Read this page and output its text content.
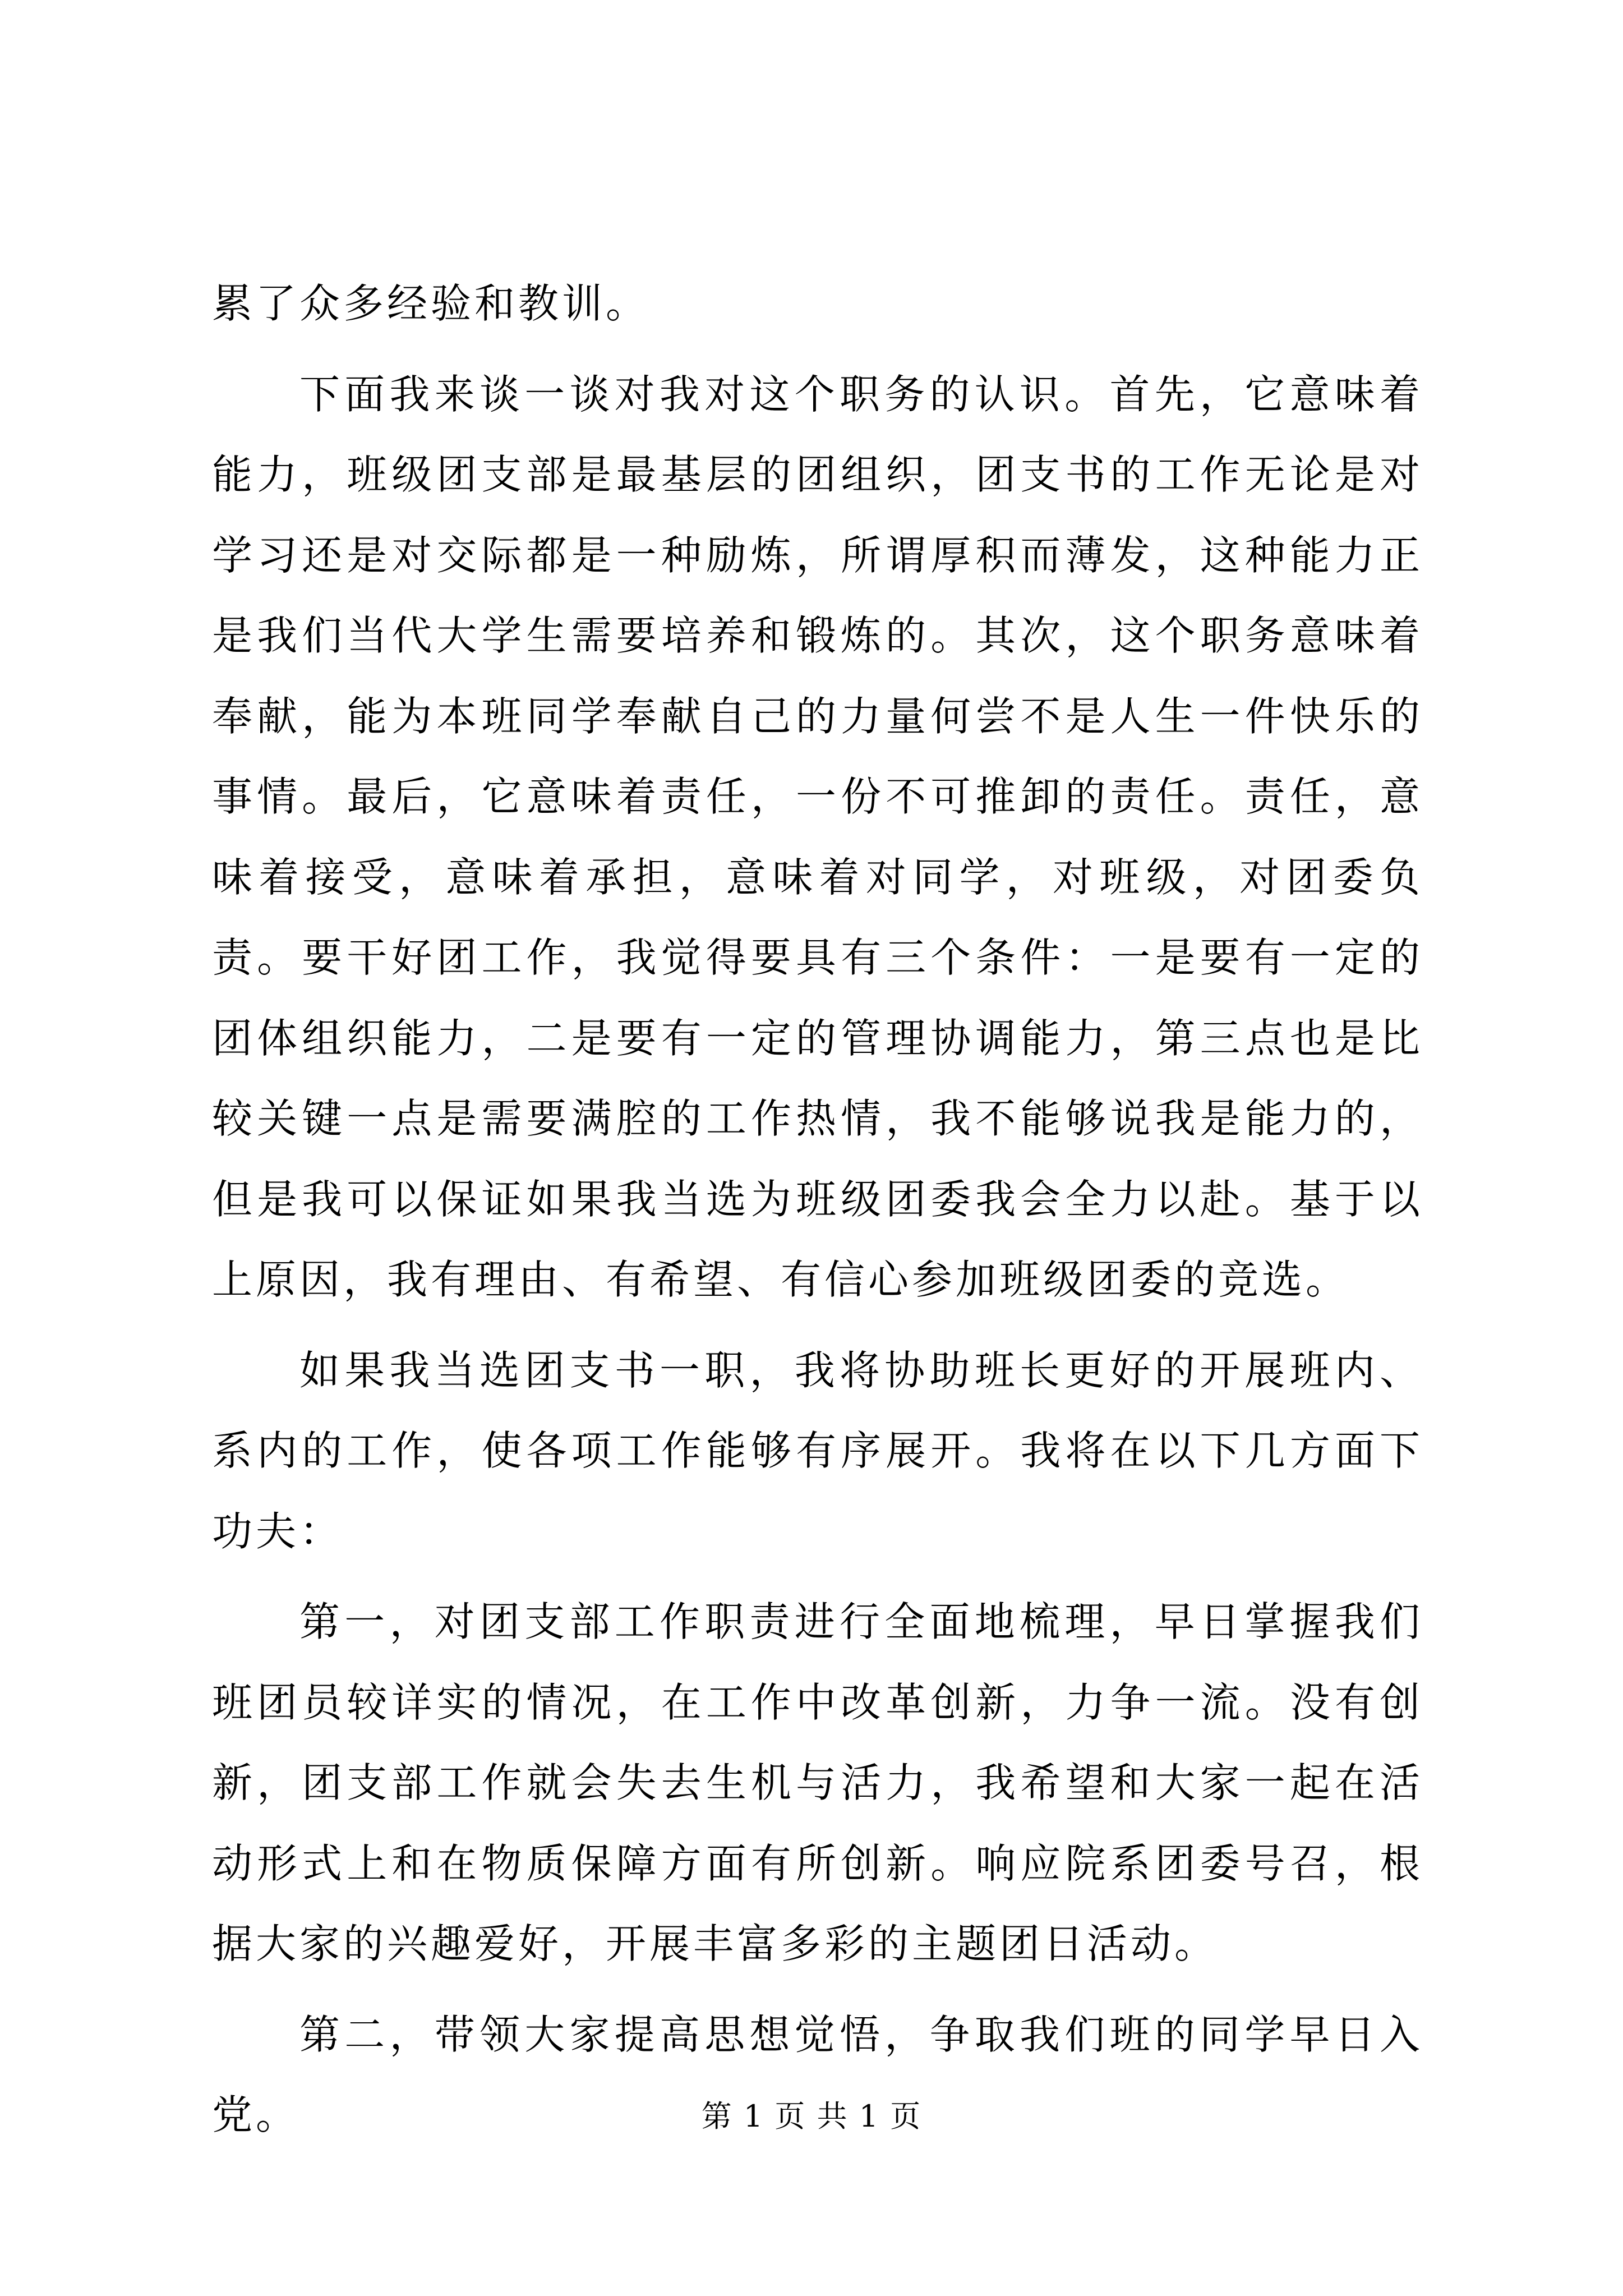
累了众多经验和教训。

下面我来谈一谈对我对这个职务的认识。首先，它意味着能力，班级团支部是最基层的团组织，团支书的工作无论是对学习还是对交际都是一种励炼，所谓厚积而薄发，这种能力正是我们当代大学生需要培养和锻炼的。其次，这个职务意味着奉献，能为本班同学奉献自己的力量何尝不是人生一件快乐的事情。最后，它意味着责任，一份不可推卸的责任。责任，意味着接受，意味着承担，意味着对同学，对班级，对团委负责。要干好团工作，我觉得要具有三个条件：一是要有一定的团体组织能力，二是要有一定的管理协调能力，第三点也是比较关键一点是需要满腔的工作热情，我不能够说我是能力的，但是我可以保证如果我当选为班级团委我会全力以赴。基于以上原因，我有理由、有希望、有信心参加班级团委的竞选。

如果我当选团支书一职，我将协助班长更好的开展班内、系内的工作，使各项工作能够有序展开。我将在以下几方面下功夫：

第一，对团支部工作职责进行全面地梳理，早日掌握我们班团员较详实的情况，在工作中改革创新，力争一流。没有创新，团支部工作就会失去生机与活力，我希望和大家一起在活动形式上和在物质保障方面有所创新。响应院系团委号召，根据大家的兴趣爱好，开展丰富多彩的主题团日活动。

第二，带领大家提高思想觉悟，争取我们班的同学早日入党。	第 1 页 共 1 页
